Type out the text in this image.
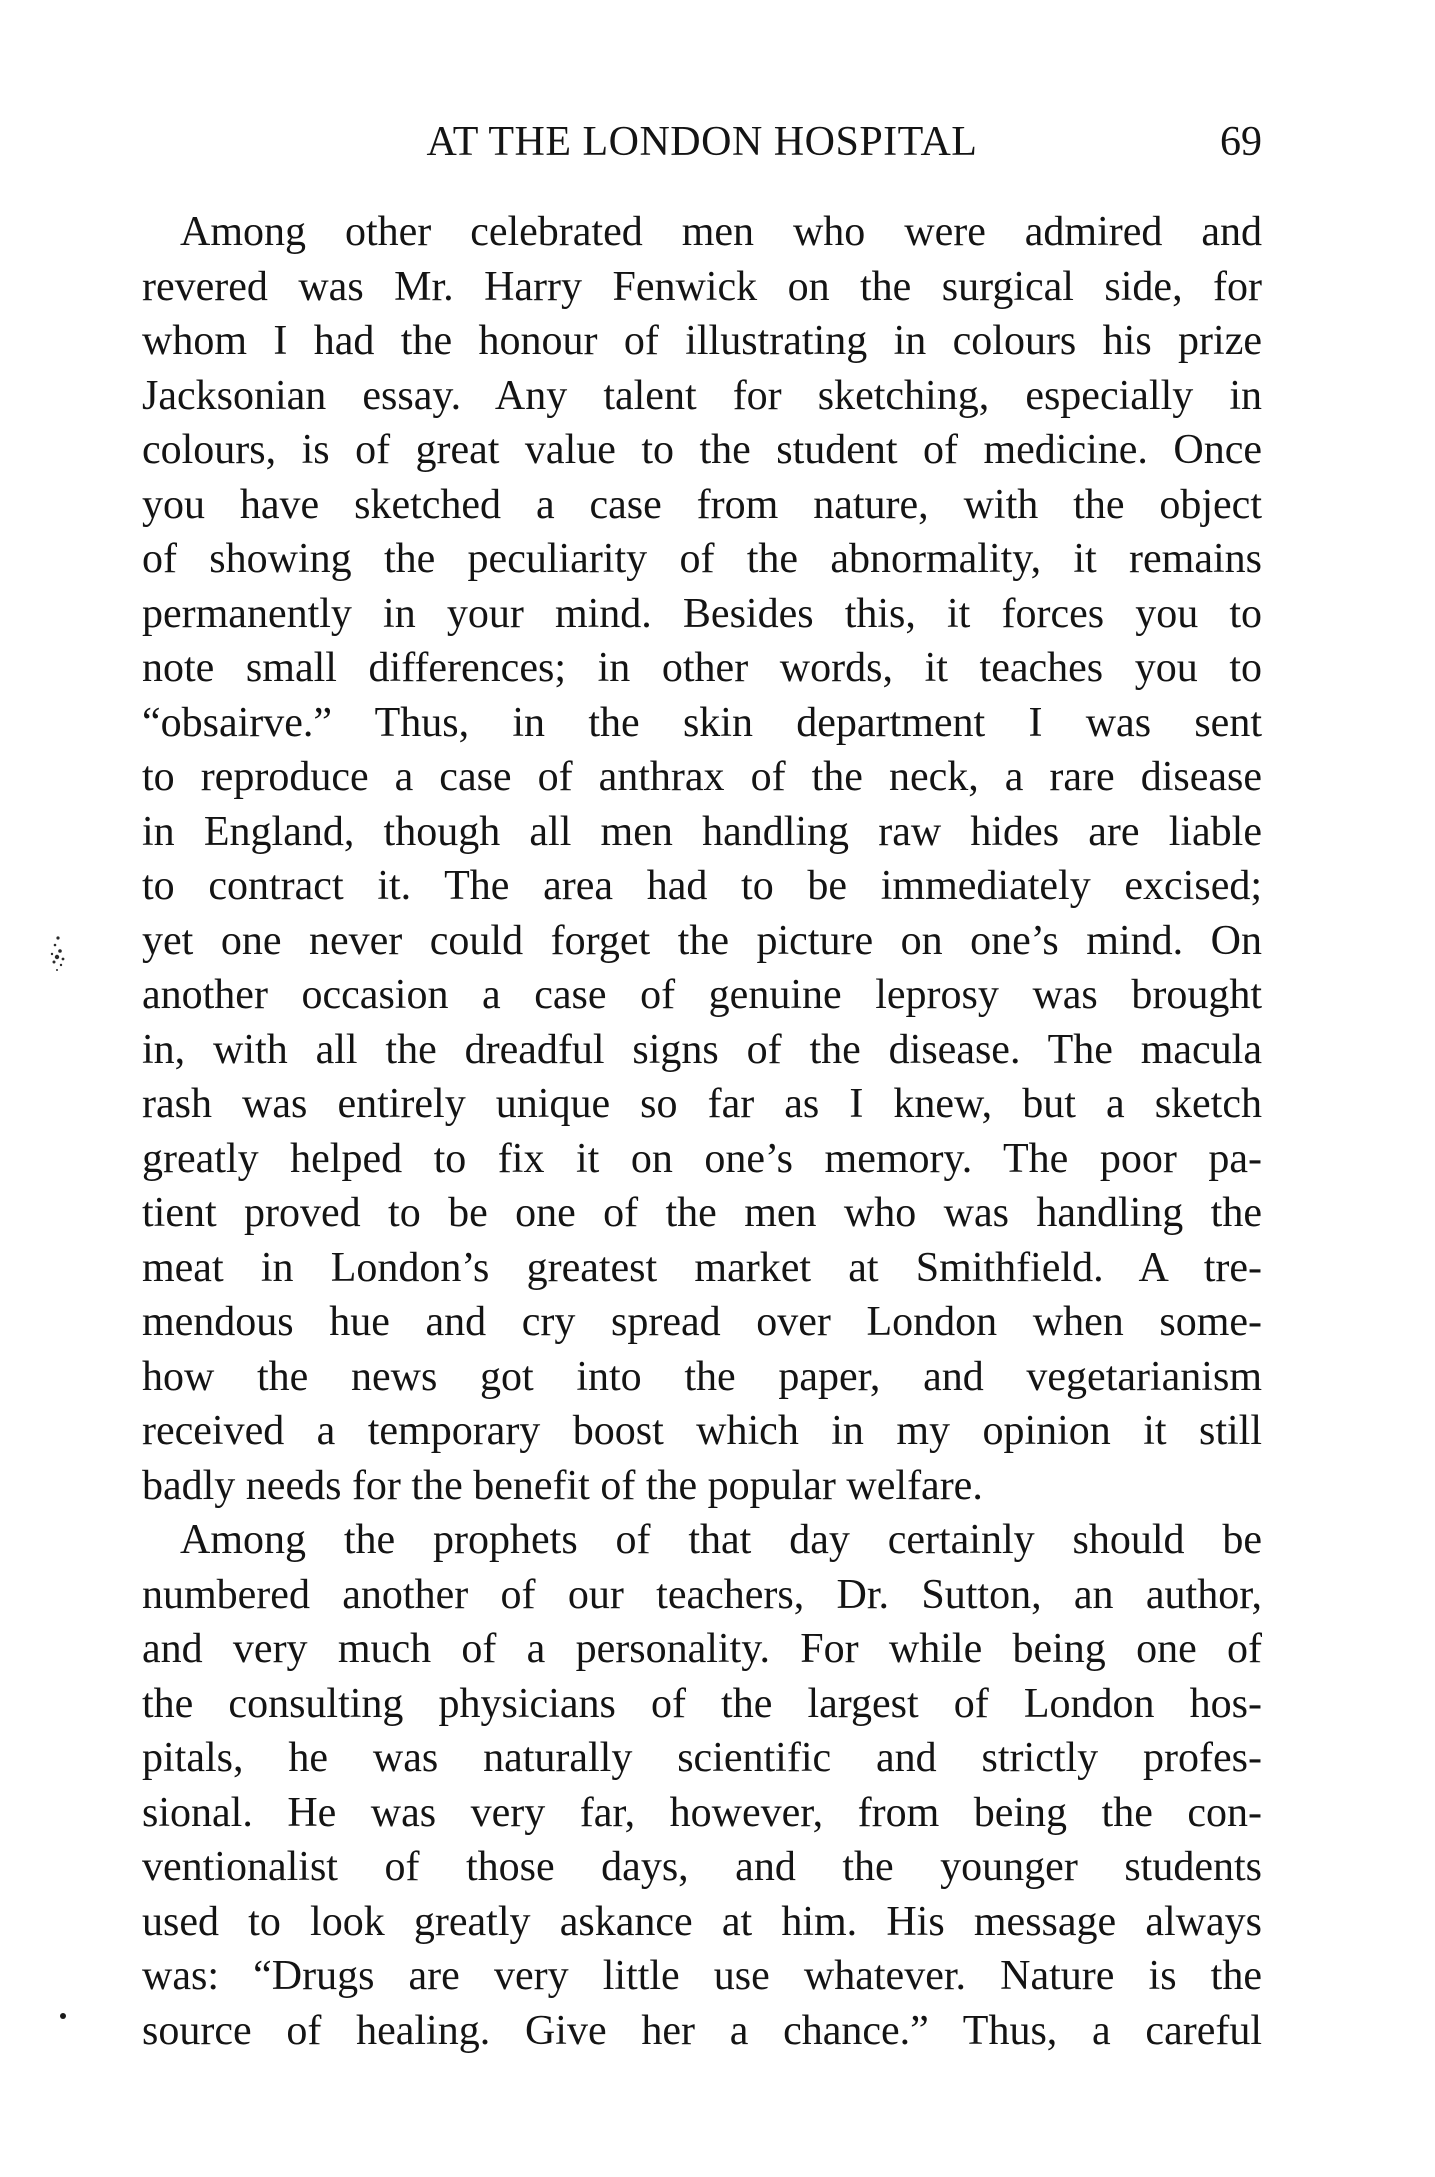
AT THE LONDON HOSPITAL	69

Among other celebrated men who were admired and
revered was Mr. Harry Fenwick on the surgical side, for
whom I had the honour of illustrating in colours his prize
Jacksonian essay. Any talent for sketching, especially in
colours, is of great value to the student of medicine. Once
you have sketched a case from nature, with the object
of showing the peculiarity of the abnormality, it remains
permanently in your mind. Besides this, it forces you to
note small differences; in other words, it teaches you to
“obsairve.” Thus, in the skin department I was sent
to reproduce a case of anthrax of the neck, a rare disease
in England, though all men handling raw hides are liable
to contract it. The area had to be immediately excised;
yet one never could forget the picture on one’s mind. On
another occasion a case of genuine leprosy was brought
in, with all the dreadful signs of the disease. The macula
rash was entirely unique so far as I knew, but a sketch
greatly helped to fix it on one’s memory. The poor pa-
tient proved to be one of the men who was handling the
meat in London’s greatest market at Smithfield. A tre-
mendous hue and cry spread over London when some-
how the news got into the paper, and vegetarianism
received a temporary boost which in my opinion it still
badly needs for the benefit of the popular welfare.

Among the prophets of that day certainly should be
numbered another of our teachers, Dr. Sutton, an author,
and very much of a personality. For while being one of
the consulting physicians of the largest of London hos-
pitals, he was naturally scientific and strictly profes-
sional. He was very far, however, from being the con-
ventionalist of those days, and the younger students
used to look greatly askance at him. His message always
was: “Drugs are very little use whatever. Nature is the
source of healing. Give her a chance.” Thus, a careful
